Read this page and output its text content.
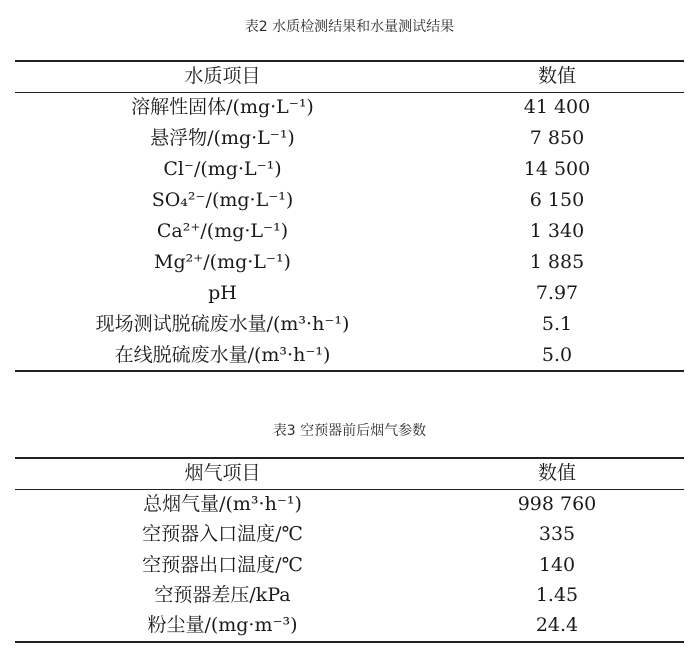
表2 水质检测结果和水量测试结果
水质项目	数值
溶解性固体/(mg·L⁻¹)	41 400
悬浮物/(mg·L⁻¹)	7 850
Cl⁻/(mg·L⁻¹)	14 500
SO₄²⁻/(mg·L⁻¹)	6 150
Ca²⁺/(mg·L⁻¹)	1 340
Mg²⁺/(mg·L⁻¹)	1 885
pH	7.97
现场测试脱硫废水量/(m³·h⁻¹)	5.1
在线脱硫废水量/(m³·h⁻¹)	5.0
表3 空预器前后烟气参数
烟气项目	数值
总烟气量/(m³·h⁻¹)	998 760
空预器入口温度/℃	335
空预器出口温度/℃	140
空预器差压/kPa	1.45
粉尘量/(mg·m⁻³)	24.4
